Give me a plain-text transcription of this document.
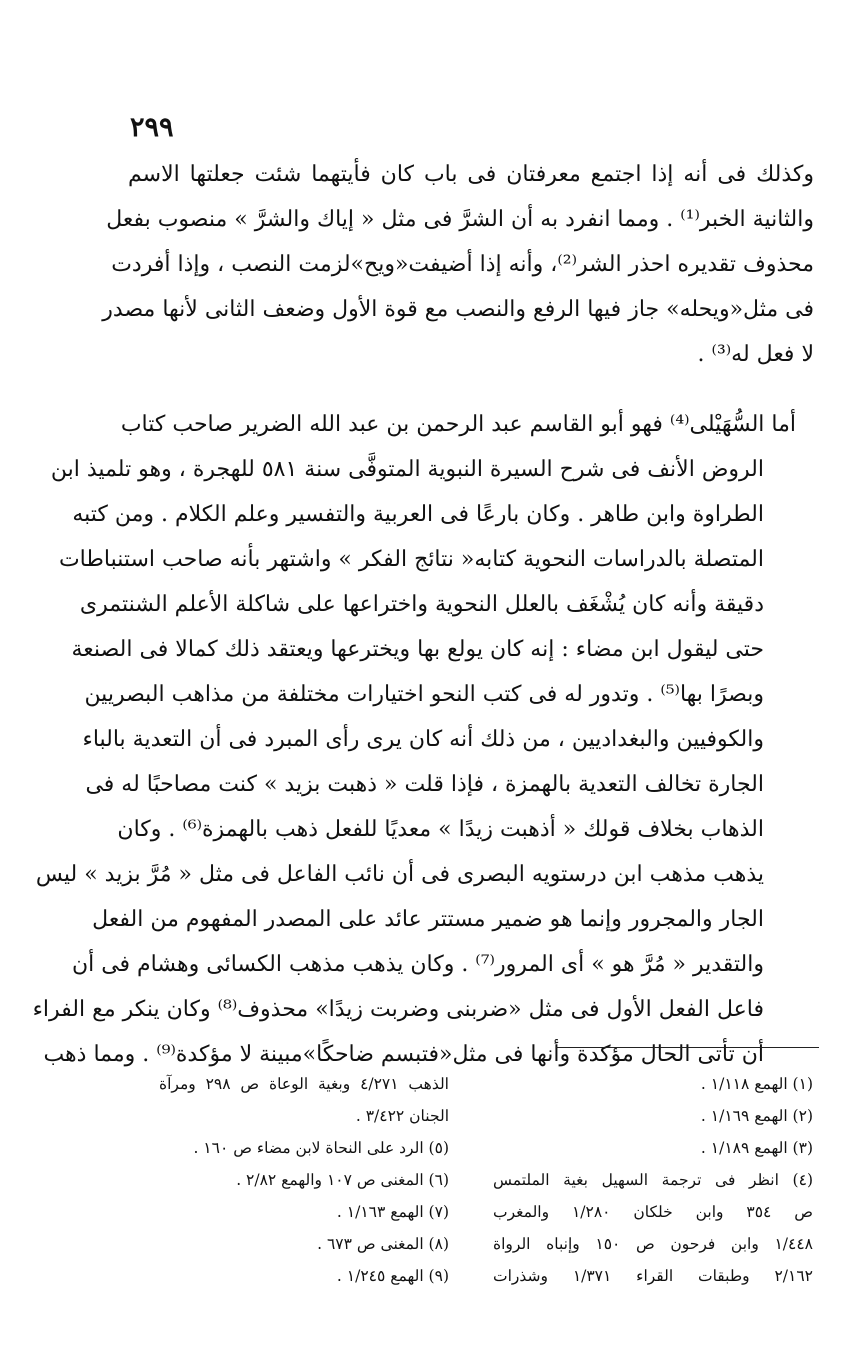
٢٩٩
وكذلك فى أنه إذا اجتمع معرفتان فى باب كان فأيتهما شئت جعلتها الاسم
والثانية الخبر⁽¹⁾ . ومما انفرد به أن الشرَّ فى مثل « إياك والشرَّ » منصوب بفعل
محذوف تقديره احذر الشر⁽²⁾، وأنه إذا أضيفت«ويح»لزمت النصب ، وإذا أفردت
فى مثل«ويحله» جاز فيها الرفع والنصب مع قوة الأول وضعف الثانى لأنها مصدر
لا فعل له⁽³⁾ .
أما السُّهَيْلى⁽⁴⁾ فهو أبو القاسم عبد الرحمن بن عبد الله الضرير صاحب كتاب
الروض الأنف فى شرح السيرة النبوية المتوفَّى سنة ٥٨١ للهجرة ، وهو تلميذ ابن
الطراوة وابن طاهر . وكان بارعًا فى العربية والتفسير وعلم الكلام . ومن كتبه
المتصلة بالدراسات النحوية كتابه« نتائج الفكر » واشتهر بأنه صاحب استنباطات
دقيقة وأنه كان يُشْغَف بالعلل النحوية واختراعها على شاكلة الأعلم الشنتمرى
حتى ليقول ابن مضاء : إنه كان يولع بها ويخترعها ويعتقد ذلك كمالا فى الصنعة
وبصرًا بها⁽⁵⁾ . وتدور له فى كتب النحو اختيارات مختلفة من مذاهب البصريين
والكوفيين والبغداديين ، من ذلك أنه كان يرى رأى المبرد فى أن التعدية بالباء
الجارة تخالف التعدية بالهمزة ، فإذا قلت « ذهبت بزيد » كنت مصاحبًا له فى
الذهاب بخلاف قولك « أذهبت زيدًا » معديًا للفعل ذهب بالهمزة⁽⁶⁾ . وكان
يذهب مذهب ابن درستويه البصرى فى أن نائب الفاعل فى مثل « مُرَّ بزيد » ليس
الجار والمجرور وإنما هو ضمير مستتر عائد على المصدر المفهوم من الفعل
والتقدير « مُرَّ هو » أى المرور⁽⁷⁾ . وكان يذهب مذهب الكسائى وهشام فى أن
فاعل الفعل الأول فى مثل «ضربنى وضربت زيدًا» محذوف⁽⁸⁾ وكان ينكر مع الفراء
أن تأتى الحال مؤكدة وأنها فى مثل«فتبسم ضاحكًا»مبينة لا مؤكدة⁽⁹⁾ . ومما ذهب
(١) الهمع ١/١١٨ .
(٢) الهمع ١/١٦٩ .
(٣) الهمع ١/١٨٩ .
(٤) انظر فى ترجمة السهيل بغية الملتمس
ص ٣٥٤ وابن خلكان ١/٢٨٠ والمغرب
١/٤٤٨ وابن فرحون ص ١٥٠ وإنباه الرواة
٢/١٦٢ وطبقات القراء ١/٣٧١ وشذرات
الذهب ٤/٢٧١ وبغية الوعاة ص ٢٩٨ ومرآة
الجنان ٣/٤٢٢ .
(٥) الرد على النحاة لابن مضاء ص ١٦٠ .
(٦) المغنى ص ١٠٧ والهمع ٢/٨٢ .
(٧) الهمع ١/١٦٣ .
(٨) المغنى ص ٦٧٣ .
(٩) الهمع ١/٢٤٥ .
